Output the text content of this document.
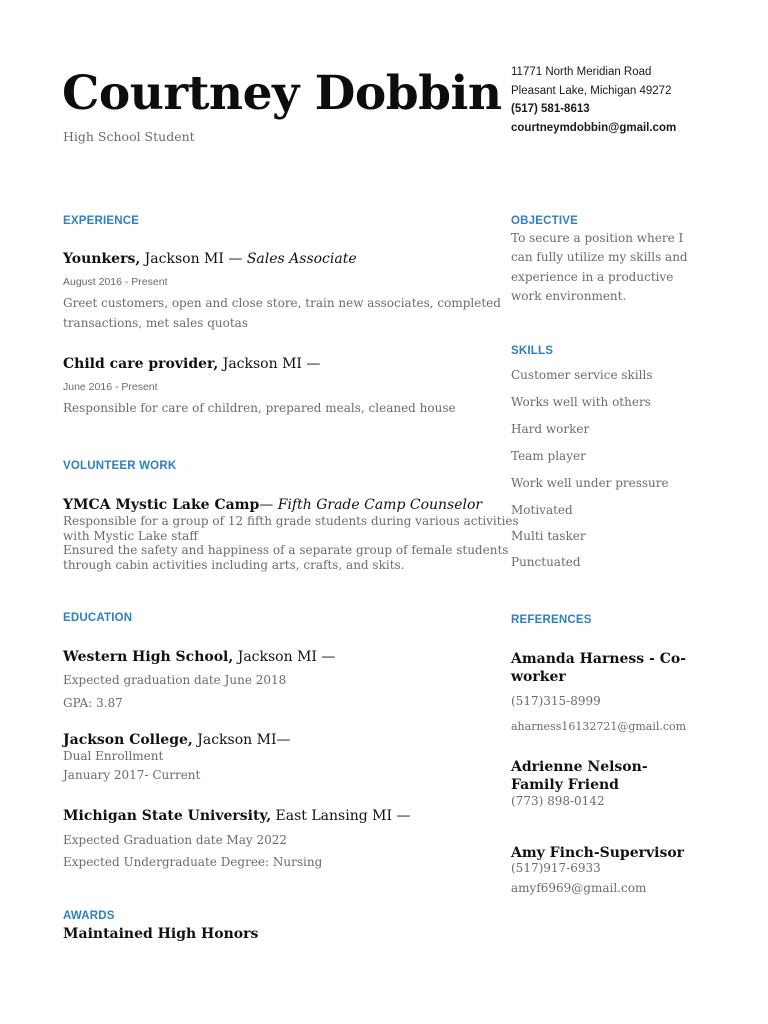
Courtney Dobbin
High School Student
11771 North Meridian Road
Pleasant Lake, Michigan 49272
(517) 581-8613
courtneymdobbin@gmail.com
EXPERIENCE
Younkers, Jackson MI — Sales Associate
August 2016 - Present
Greet customers, open and close store, train new associates, completed
transactions, met sales quotas
Child care provider, Jackson MI —
June 2016 - Present
Responsible for care of children, prepared meals, cleaned house
VOLUNTEER WORK
YMCA Mystic Lake Camp— Fifth Grade Camp Counselor
Responsible for a group of 12 fifth grade students during various activities
with Mystic Lake staff
Ensured the safety and happiness of a separate group of female students
through cabin activities including arts, crafts, and skits.
EDUCATION
Western High School, Jackson MI —
Expected graduation date June 2018
GPA: 3.87
Jackson College, Jackson MI—
Dual Enrollment
January 2017- Current
Michigan State University, East Lansing MI —
Expected Graduation date May 2022
Expected Undergraduate Degree: Nursing
AWARDS
Maintained High Honors
OBJECTIVE
To secure a position where I
can fully utilize my skills and
experience in a productive
work environment.
SKILLS
Customer service skills
Works well with others
Hard worker
Team player
Work well under pressure
Motivated
Multi tasker
Punctuated
REFERENCES
Amanda Harness - Co-
worker
(517)315-8999
aharness16132721@gmail.com
Adrienne Nelson-
Family Friend
(773) 898-0142
Amy Finch-Supervisor
(517)917-6933
amyf6969@gmail.com
